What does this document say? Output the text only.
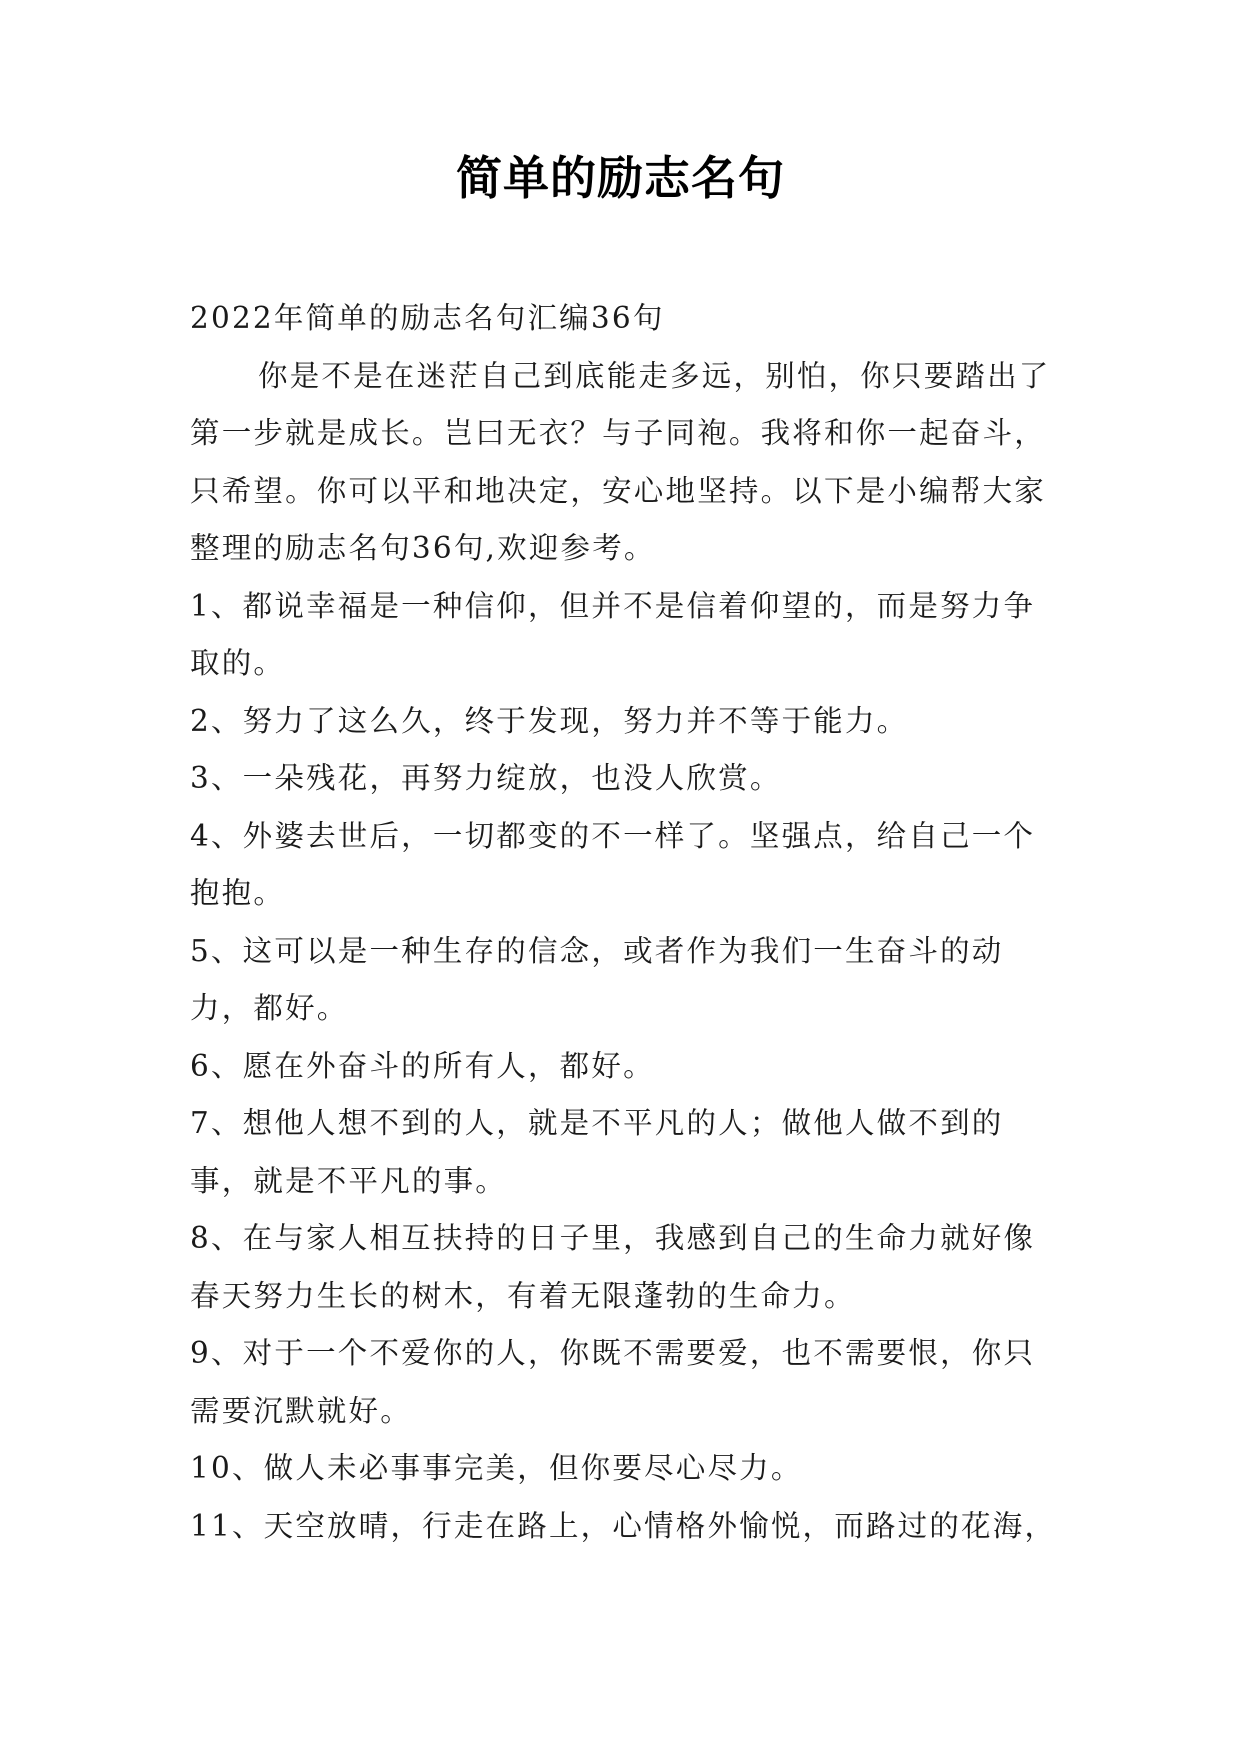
简单的励志名句

2022年简单的励志名句汇编36句

你是不是在迷茫自己到底能走多远，别怕，你只要踏出了第一步就是成长。岂曰无衣？与子同袍。我将和你一起奋斗，只希望。你可以平和地决定，安心地坚持。以下是小编帮大家整理的励志名句36句,欢迎参考。

1、都说幸福是一种信仰，但并不是信着仰望的，而是努力争取的。

2、努力了这么久，终于发现，努力并不等于能力。

3、一朵残花，再努力绽放，也没人欣赏。

4、外婆去世后，一切都变的不一样了。坚强点，给自己一个抱抱。

5、这可以是一种生存的信念，或者作为我们一生奋斗的动力，都好。

6、愿在外奋斗的所有人，都好。

7、想他人想不到的人，就是不平凡的人；做他人做不到的事，就是不平凡的事。

8、在与家人相互扶持的日子里，我感到自己的生命力就好像春天努力生长的树木，有着无限蓬勃的生命力。

9、对于一个不爱你的人，你既不需要爱，也不需要恨，你只需要沉默就好。

10、做人未必事事完美，但你要尽心尽力。

11、天空放晴，行走在路上，心情格外愉悦，而路过的花海，
